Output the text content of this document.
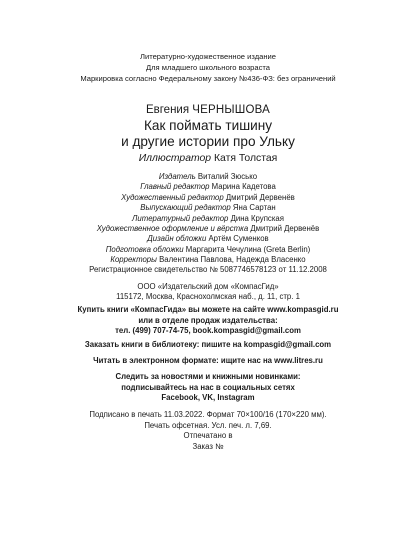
Литературно-художественное издание
Для младшего школьного возраста
Маркировка согласно Федеральному закону №436-ФЗ: без ограничений
Евгения ЧЕРНЫШОВА
Как поймать тишину
и другие истории про Ульку
Иллюстратор Катя Толстая
Издатель Виталий Зюсько
Главный редактор Марина Кадетова
Художественный редактор Дмитрий Дервенёв
Выпускающий редактор Яна Сартан
Литературный редактор Дина Крупская
Художественное оформление и вёрстка Дмитрий Дервенёв
Дизайн обложки Артём Суменков
Подготовка обложки Маргарита Чечулина (Greta Berlin)
Корректоры Валентина Павлова, Надежда Власенко
Регистрационное свидетельство № 5087746578123 от 11.12.2008
ООО «Издательский дом «КомпасГид»
115172, Москва, Краснохолмская наб., д. 11, стр. 1
Купить книги «КомпасГида» вы можете на сайте www.kompasgid.ru
или в отделе продаж издательства:
тел. (499) 707-74-75, book.kompasgid@gmail.com
Заказать книги в библиотеку: пишите на kompasgid@gmail.com
Читать в электронном формате: ищите нас на www.litres.ru
Следить за новостями и книжными новинками:
подписывайтесь на нас в социальных сетях
Facebook, VK, Instagram
Подписано в печать 11.03.2022. Формат 70×100/16 (170×220 мм).
Печать офсетная. Усл. печ. л. 7,69.
Отпечатано в
Заказ №
